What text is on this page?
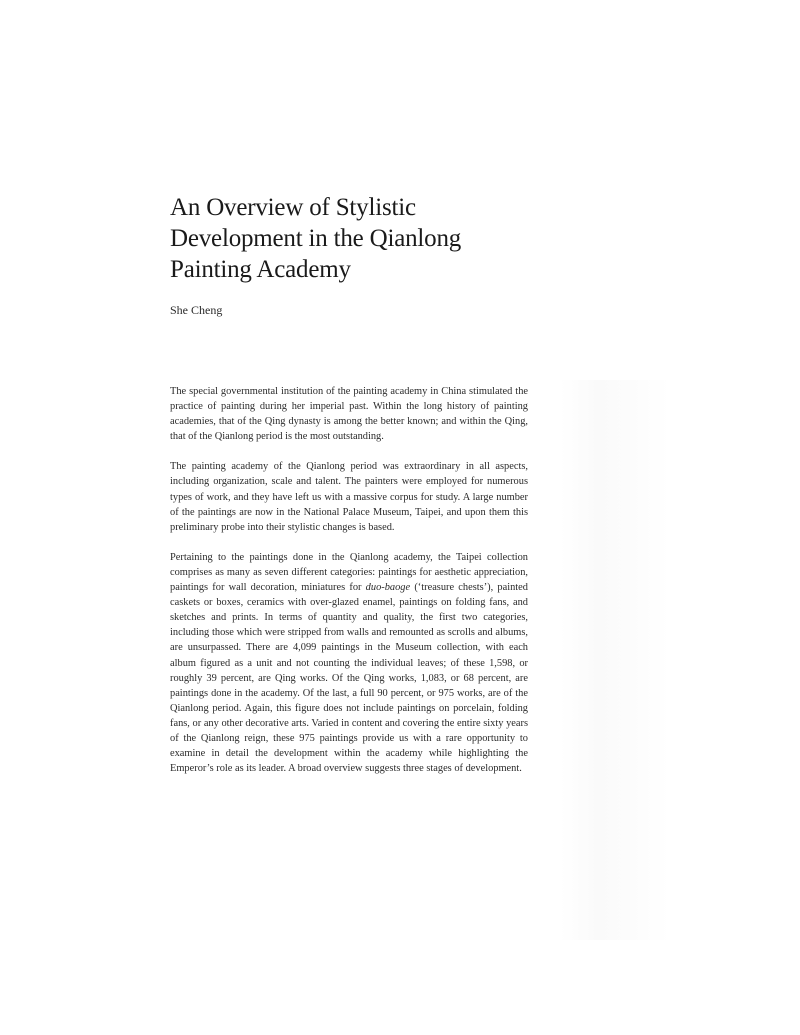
An Overview of Stylistic
Development in the Qianlong
Painting Academy

She Cheng

The special governmental institution of the painting academy in China stimulated the practice of painting during her imperial past. Within the long history of painting academies, that of the Qing dynasty is among the better known; and within the Qing, that of the Qianlong period is the most outstanding.

The painting academy of the Qianlong period was extraordinary in all aspects, including organization, scale and talent. The painters were employed for numerous types of work, and they have left us with a massive corpus for study. A large number of the paintings are now in the National Palace Museum, Taipei, and upon them this preliminary probe into their stylistic changes is based.

Pertaining to the paintings done in the Qianlong academy, the Taipei collection comprises as many as seven different categories: paintings for aesthetic appreciation, paintings for wall decoration, miniatures for duo-baoge (‘treasure chests’), painted caskets or boxes, ceramics with over-glazed enamel, paintings on folding fans, and sketches and prints. In terms of quantity and quality, the first two categories, including those which were stripped from walls and remounted as scrolls and albums, are unsurpassed. There are 4,099 paintings in the Museum collection, with each album figured as a unit and not counting the individual leaves; of these 1,598, or roughly 39 percent, are Qing works. Of the Qing works, 1,083, or 68 percent, are paintings done in the academy. Of the last, a full 90 percent, or 975 works, are of the Qianlong period. Again, this figure does not include paintings on porcelain, folding fans, or any other decorative arts. Varied in content and covering the entire sixty years of the Qianlong reign, these 975 paintings provide us with a rare opportunity to examine in detail the development within the academy while highlighting the Emperor’s role as its leader. A broad overview suggests three stages of development.
